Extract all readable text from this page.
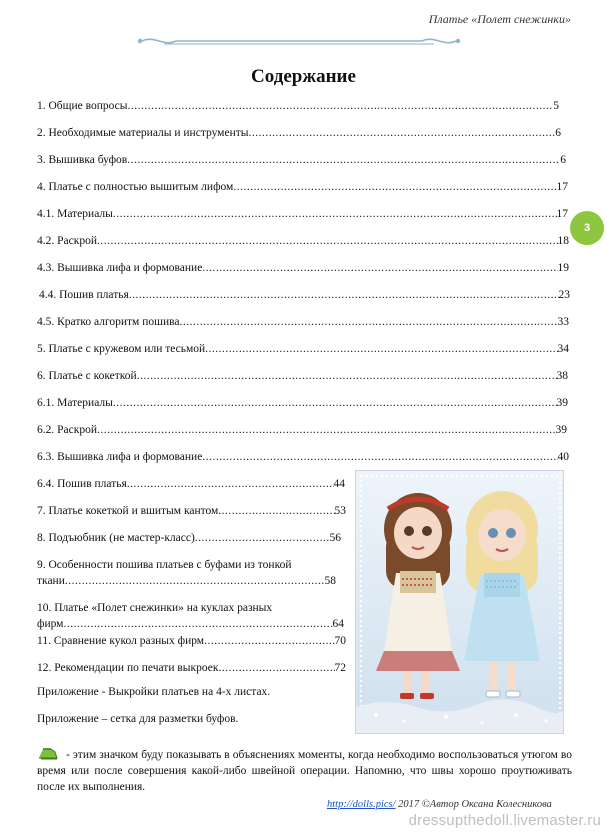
Платье «Полет снежинки»
Содержание
1. Общие вопросы .....	5
2. Необходимые материалы и инструменты .....	6
3. Вышивка буфов .....	6
4. Платье с полностью вышитым лифом .....	17
4.1. Материалы .....	17
4.2. Раскрой .....	18
4.3. Вышивка лифа и формование .....	19
4.4. Пошив платья .....	23
4.5. Кратко алгоритм пошива .....	33
5. Платье с кружевом или тесьмой .....	34
6. Платье с кокеткой .....	38
6.1. Материалы .....	39
6.2. Раскрой .....	39
6.3. Вышивка лифа и формование .....	40
6.4. Пошив платья .....	44
7. Платье кокеткой и вшитым кантом .....	53
8. Подъюбник (не мастер-класс) .....	56
9. Особенности пошива платьев с буфами из тонкой
ткани .....	58
10. Платье «Полет снежинки» на куклах разных
фирм .....	64
11. Сравнение кукол разных фирм .....	70
12. Рекомендации по печати выкроек .....	72
Приложение - Выкройки платьев на 4-х листах.
Приложение – сетка для разметки буфов.
3
- этим значком буду показывать в объяснениях моменты, когда необходимо воспользоваться утюгом во время или после совершения какой-либо швейной операции. Напомню, что швы хорошо проутюживать после их выполнения.
http://dolls.pics/ 2017 ©Автор Оксана Колесникова
dressupthedoll.livemaster.ru
